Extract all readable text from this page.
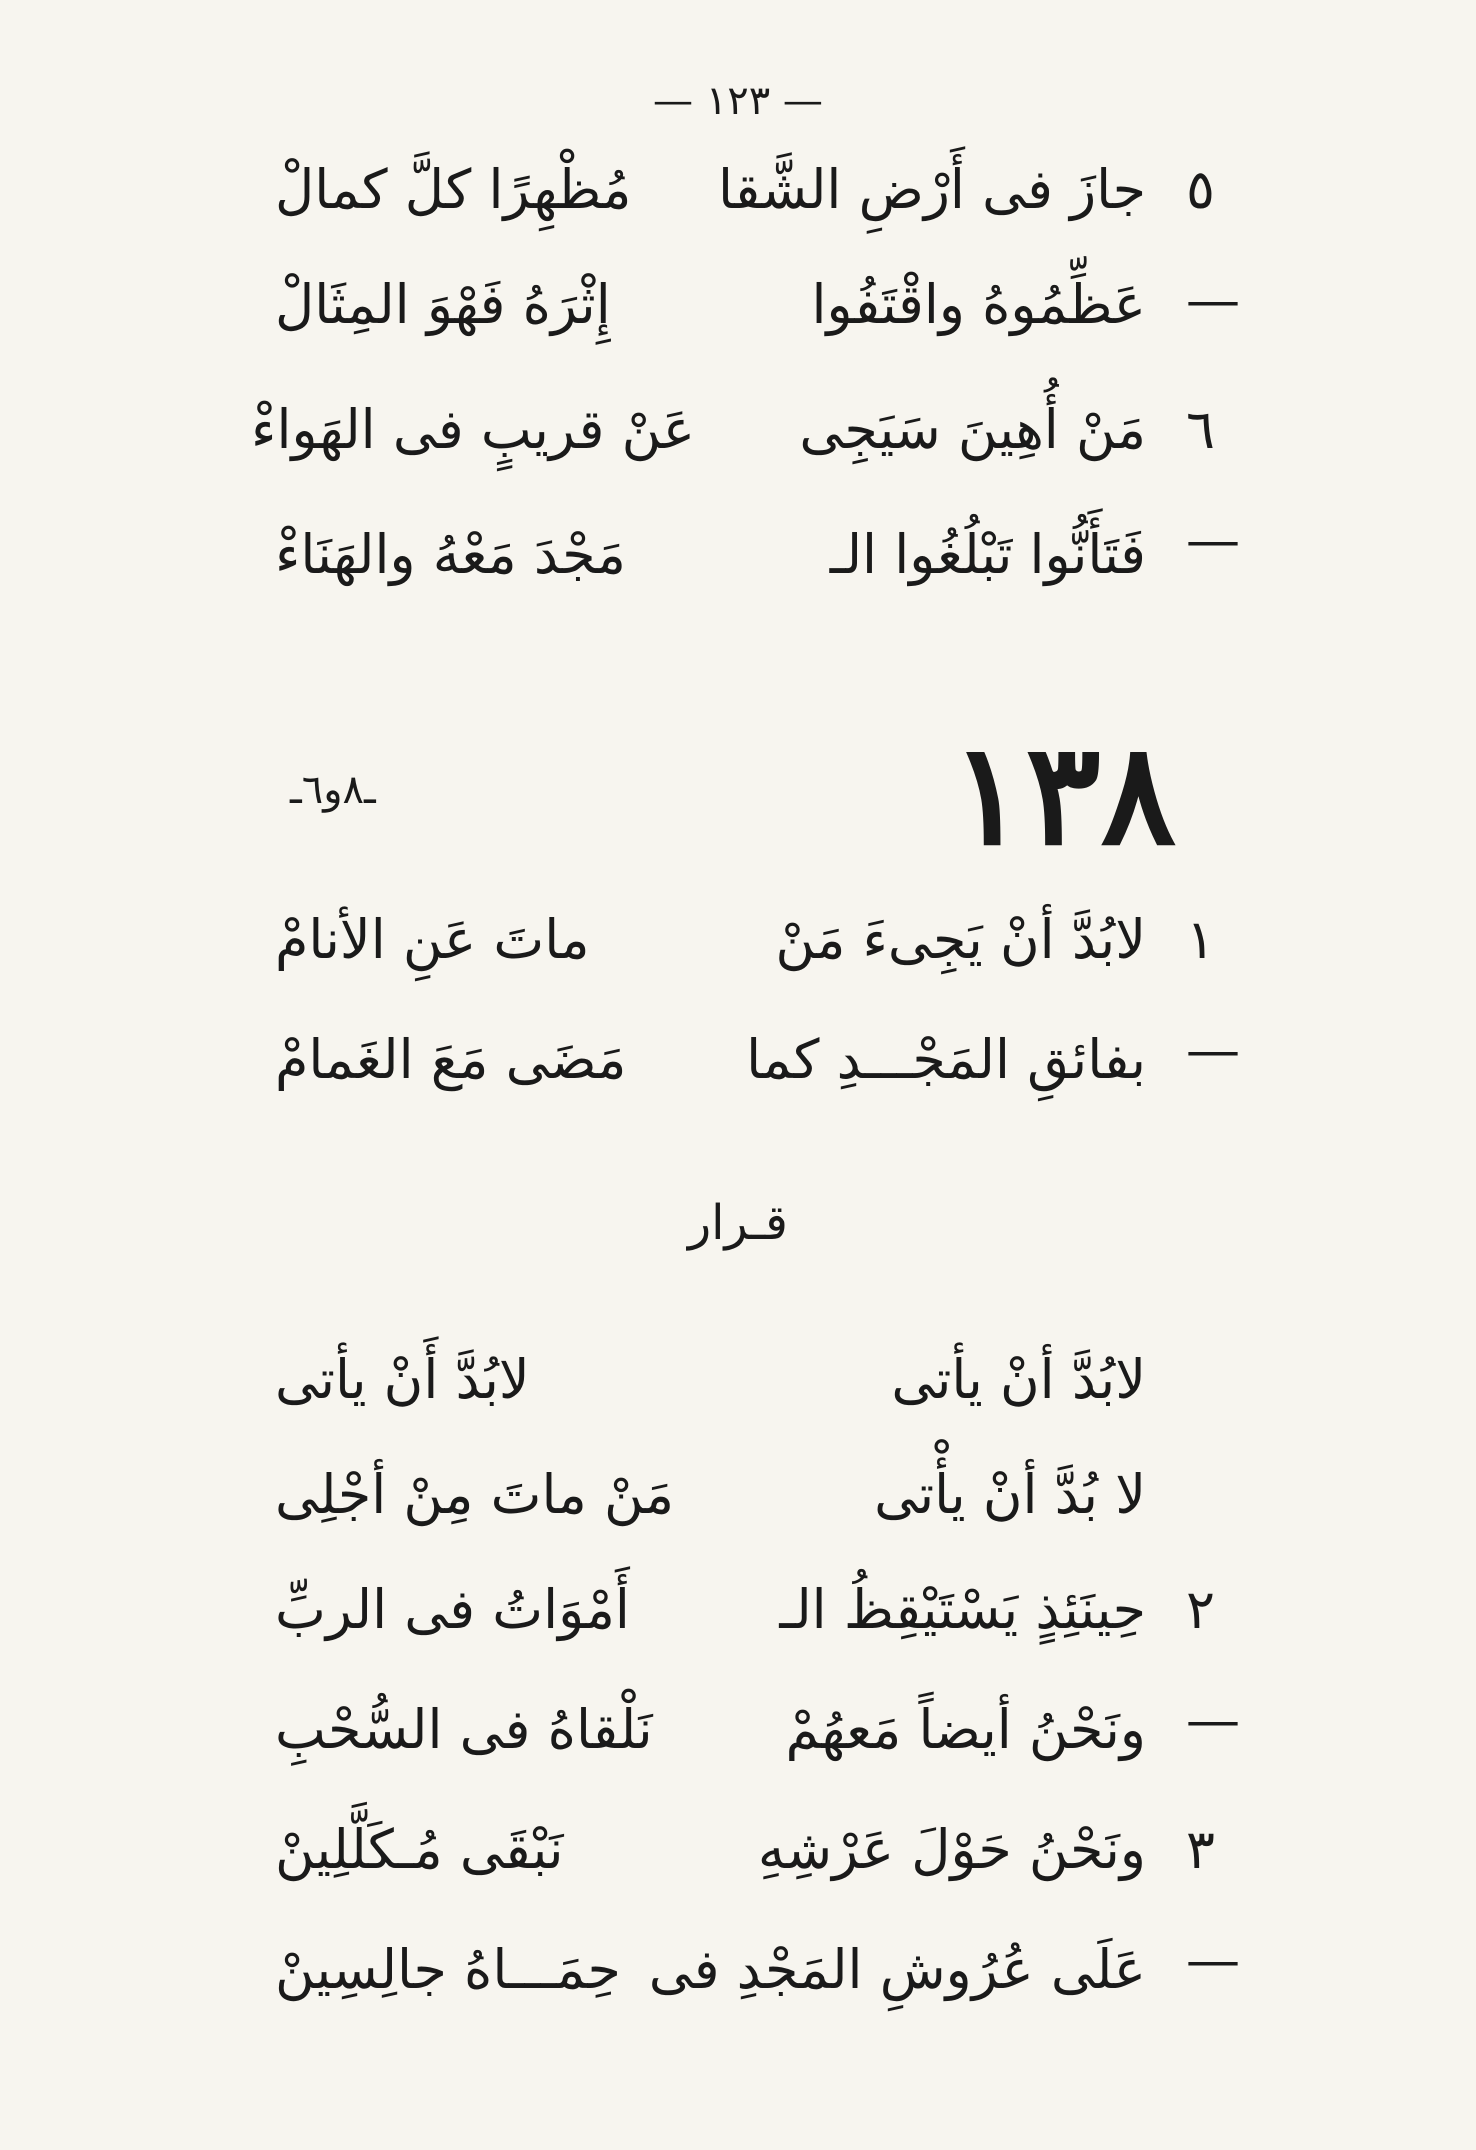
— ١٢٣ —
٥ —
جازَ فى أَرْضِ الشَّقا
مُظْهِرًا كلَّ كمالْ
عَظِّمُوهُ واقْتَفُوا
إِثْرَهُ فَهْوَ المِثَالْ
٦ —
مَنْ أُهِينَ سَيَجِى
عَنْ قريبٍ فى الهَواءْ
فَتَأَنُّوا تَبْلُغُوا الـ
مَجْدَ مَعْهُ والهَنَاءْ
١٣٨
ـ٨و٦ـ
١ —
لابُدَّ أنْ يَجِىءَ مَنْ
ماتَ عَنِ الأنامْ
بفائقِ المَجْـــدِ كما
مَضَى مَعَ الغَمامْ
قـرار
لابُدَّ أنْ يأتى
لابُدَّ أَنْ يأتى
لا بُدَّ أنْ يأْتى
مَنْ ماتَ مِنْ أجْلِى
٢ —
حِينَئِذٍ يَسْتَيْقِظُ الـ
أَمْوَاتُ فى الربِّ
ونَحْنُ أيضاً مَعهُمْ
نَلْقاهُ فى السُّحْبِ
٣ —
ونَحْنُ حَوْلَ عَرْشِهِ
نَبْقَى مُـكَلَّلِينْ
عَلَى عُرُوشِ المَجْدِ فى
حِمَـــاهُ جالِسِينْ
